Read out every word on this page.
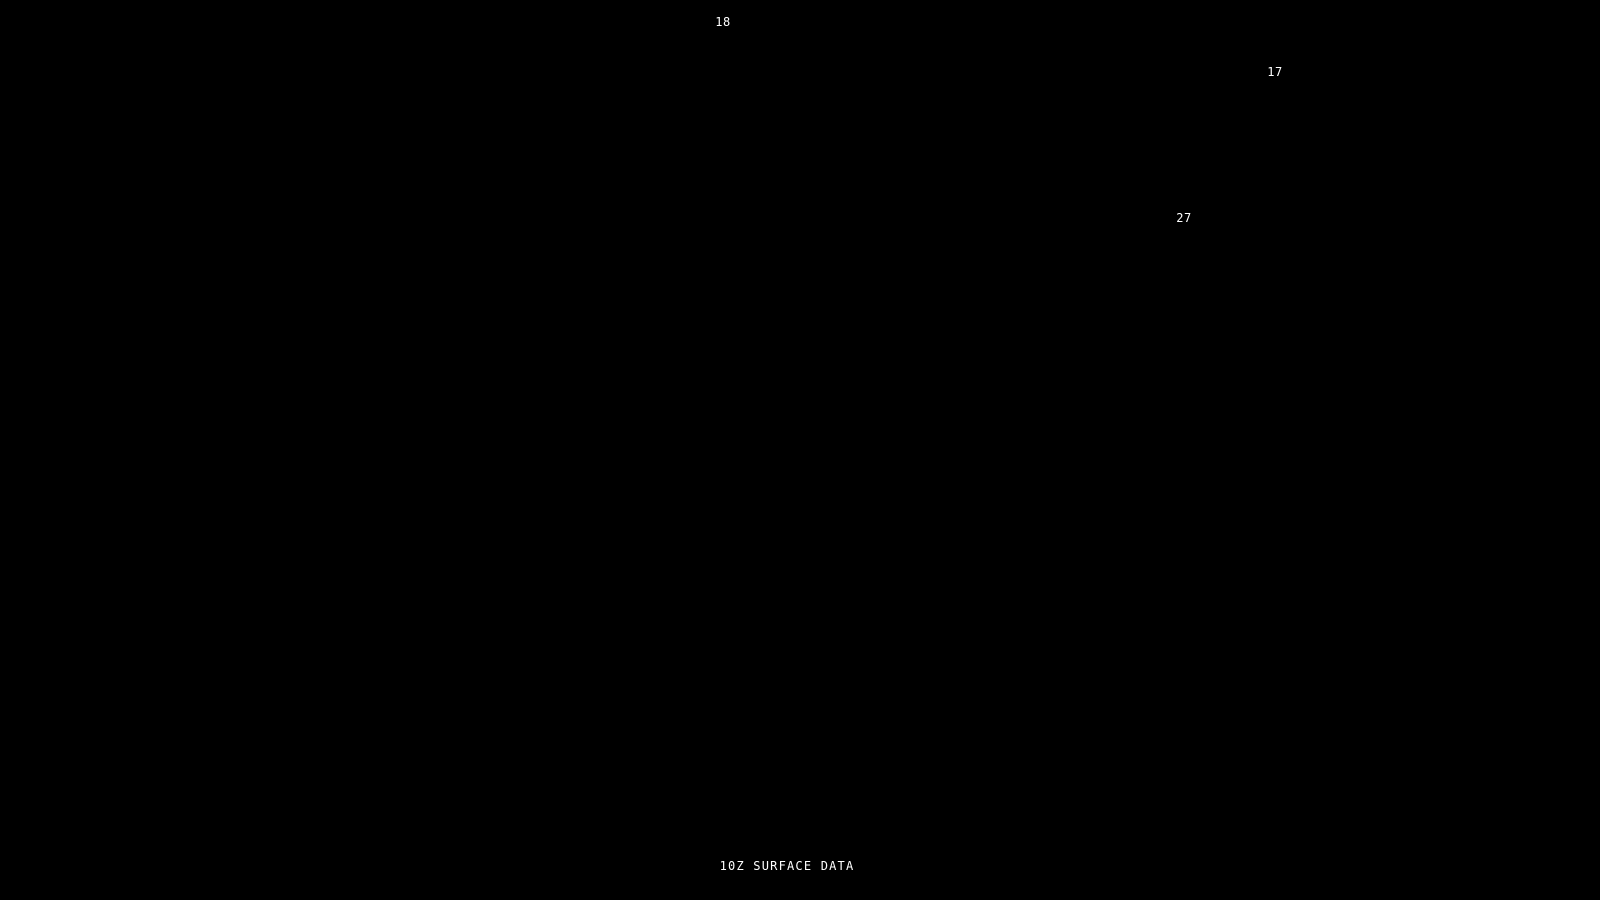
18
17
27
10Z SURFACE DATA
